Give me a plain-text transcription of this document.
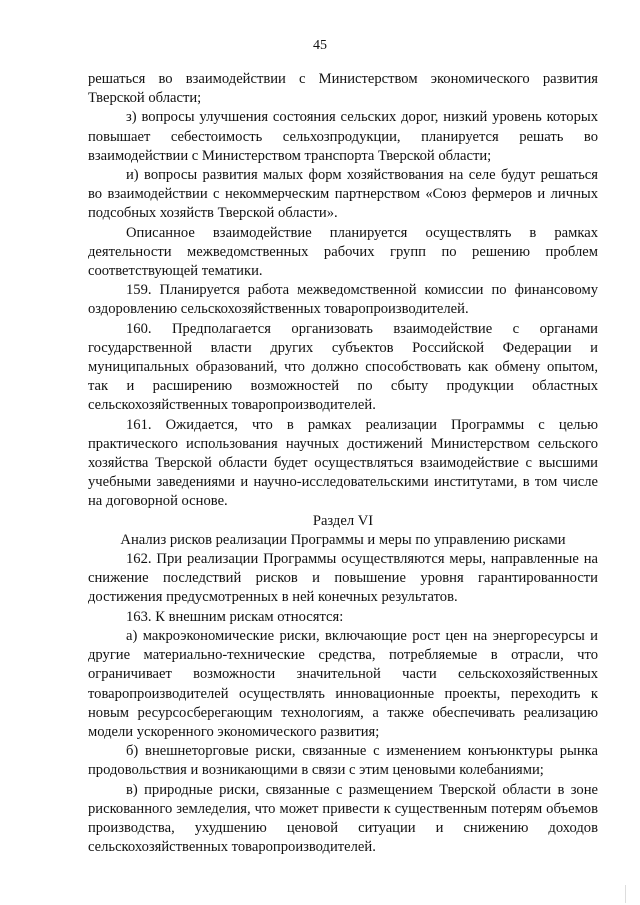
45

решаться во взаимодействии с Министерством экономического развития Тверской области;

з) вопросы улучшения состояния сельских дорог, низкий уровень которых повышает себестоимость сельхозпродукции, планируется решать во взаимодействии с Министерством транспорта Тверской области;

и) вопросы развития малых форм хозяйствования на селе будут решаться во взаимодействии с некоммерческим партнерством «Союз фермеров и личных подсобных хозяйств Тверской области».

Описанное взаимодействие планируется осуществлять в рамках деятельности межведомственных рабочих групп по решению проблем соответствующей тематики.

159. Планируется работа межведомственной комиссии по финансовому оздоровлению сельскохозяйственных товаропроизводителей.

160. Предполагается организовать взаимодействие с органами государственной власти других субъектов Российской Федерации и муниципальных образований, что должно способствовать как обмену опытом, так и расширению возможностей по сбыту продукции областных сельскохозяйственных товаропроизводителей.

161. Ожидается, что в рамках реализации Программы с целью практического использования научных достижений Министерством сельского хозяйства Тверской области будет осуществляться взаимодействие с высшими учебными заведениями и научно-исследовательскими институтами, в том числе на договорной основе.

Раздел VI

Анализ рисков реализации Программы и меры по управлению рисками

162. При реализации Программы осуществляются меры, направленные на снижение последствий рисков и повышение уровня гарантированности достижения предусмотренных в ней конечных результатов.

163. К внешним рискам относятся:

а) макроэкономические риски, включающие рост цен на энергоресурсы и другие материально-технические средства, потребляемые в отрасли, что ограничивает возможности значительной части сельскохозяйственных товаропроизводителей осуществлять инновационные проекты, переходить к новым ресурсосберегающим технологиям, а также обеспечивать реализацию модели ускоренного экономического развития;

б) внешнеторговые риски, связанные с изменением конъюнктуры рынка продовольствия и возникающими в связи с этим ценовыми колебаниями;

в) природные риски, связанные с размещением Тверской области в зоне рискованного земледелия, что может привести к существенным потерям объемов производства, ухудшению ценовой ситуации и снижению доходов сельскохозяйственных товаропроизводителей.
